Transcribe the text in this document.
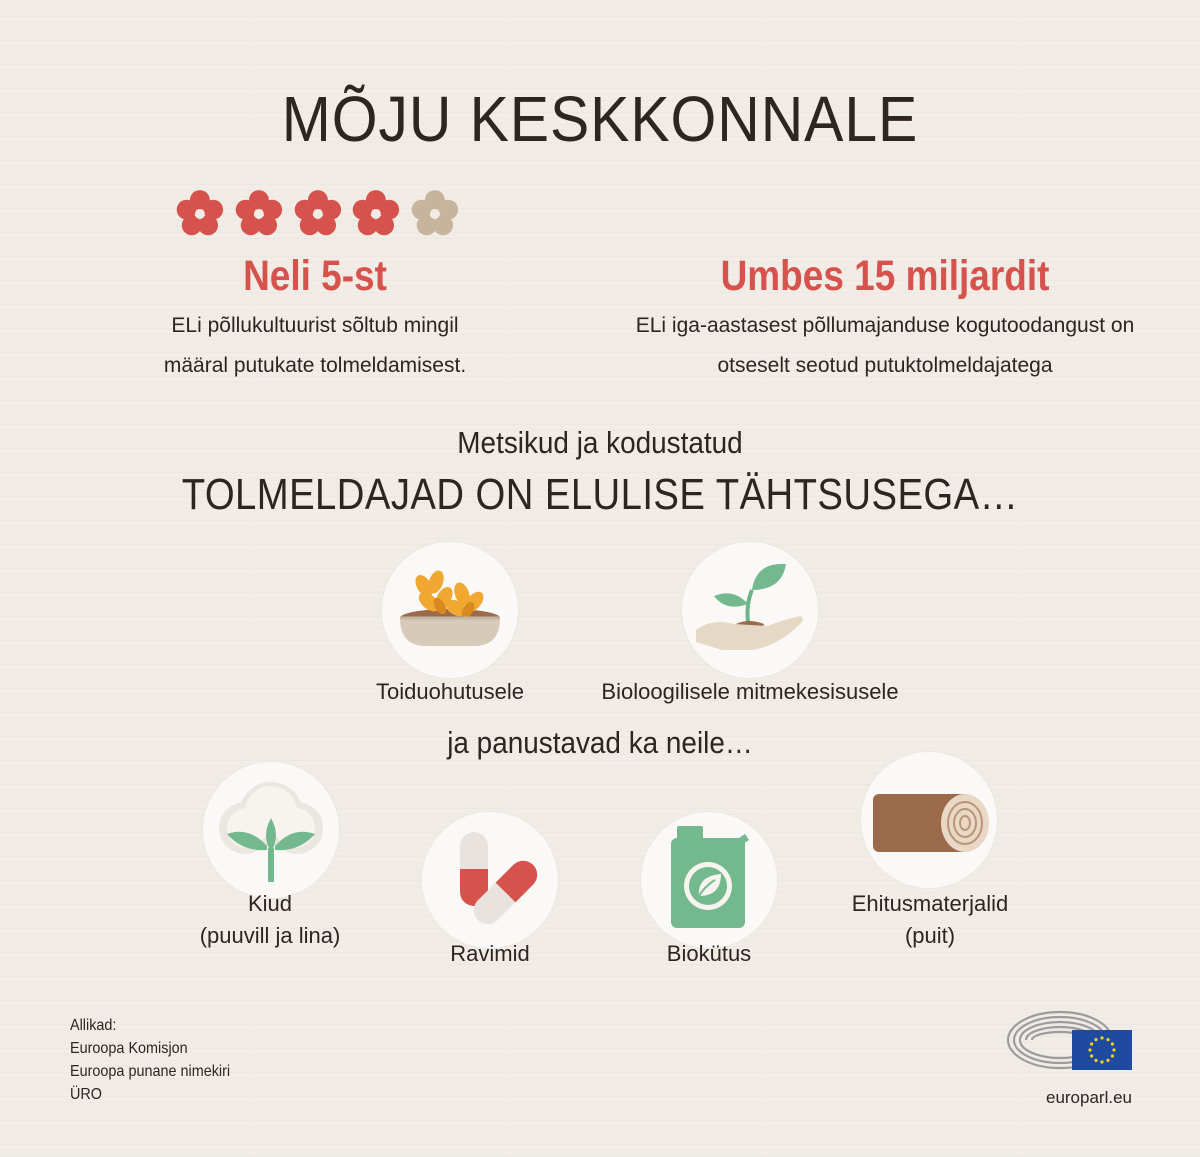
MÕJU KESKKONNALE
Neli 5-st
ELi põllukultuurist sõltub mingil
määral putukate tolmeldamisest.
Umbes 15 miljardit
ELi iga-aastasest põllumajanduse kogutoodangust on
otseselt seotud putuktolmeldajatega
Metsikud ja kodustatud
TOLMELDAJAD ON ELULISE TÄHTSUSEGA…
Toiduohutusele	Bioloogilisele mitmekesisusele
ja panustavad ka neile…
Kiud
(puuvill ja lina)
Ravimid	Biokütus
Ehitusmaterjalid
(puit)
Allikad:
Euroopa Komisjon
Euroopa punane nimekiri
ÜRO	europarl.eu
